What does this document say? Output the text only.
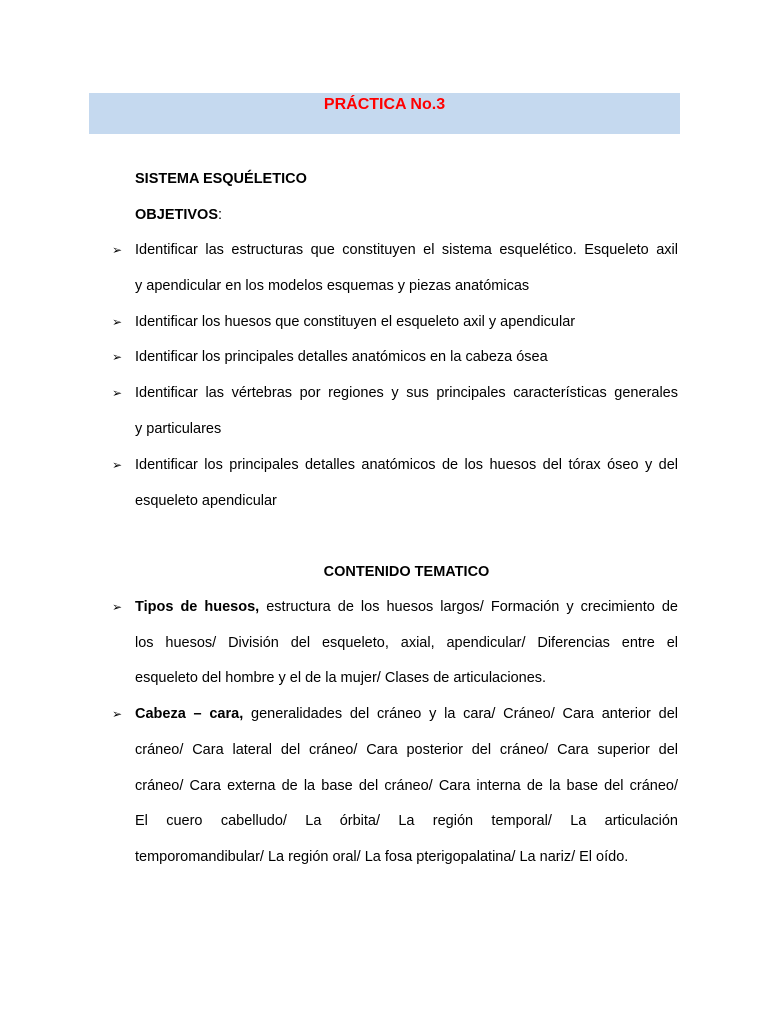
PRÁCTICA No.3
SISTEMA ESQUÉLETICO
OBJETIVOS:
➢ Identificar las estructuras que constituyen el sistema esquelético. Esqueleto axil
y apendicular en los modelos esquemas y piezas anatómicas
➢ Identificar los huesos que constituyen el esqueleto axil y apendicular
➢ Identificar los principales detalles anatómicos en la cabeza ósea
➢ Identificar las vértebras por regiones y sus principales características generales
y particulares
➢ Identificar los principales detalles anatómicos de los huesos del tórax óseo y del
esqueleto apendicular
CONTENIDO TEMATICO
➢ Tipos de huesos, estructura de los huesos largos/ Formación y crecimiento de
los huesos/ División del esqueleto, axial, apendicular/ Diferencias entre el
esqueleto del hombre y el de la mujer/ Clases de articulaciones.
➢ Cabeza – cara, generalidades del cráneo y la cara/ Cráneo/ Cara anterior del
cráneo/ Cara lateral del cráneo/ Cara posterior del cráneo/ Cara superior del
cráneo/ Cara externa de la base del cráneo/ Cara interna de la base del cráneo/
El cuero cabelludo/ La órbita/ La región temporal/ La articulación
temporomandibular/ La región oral/ La fosa pterigopalatina/ La nariz/ El oído.
